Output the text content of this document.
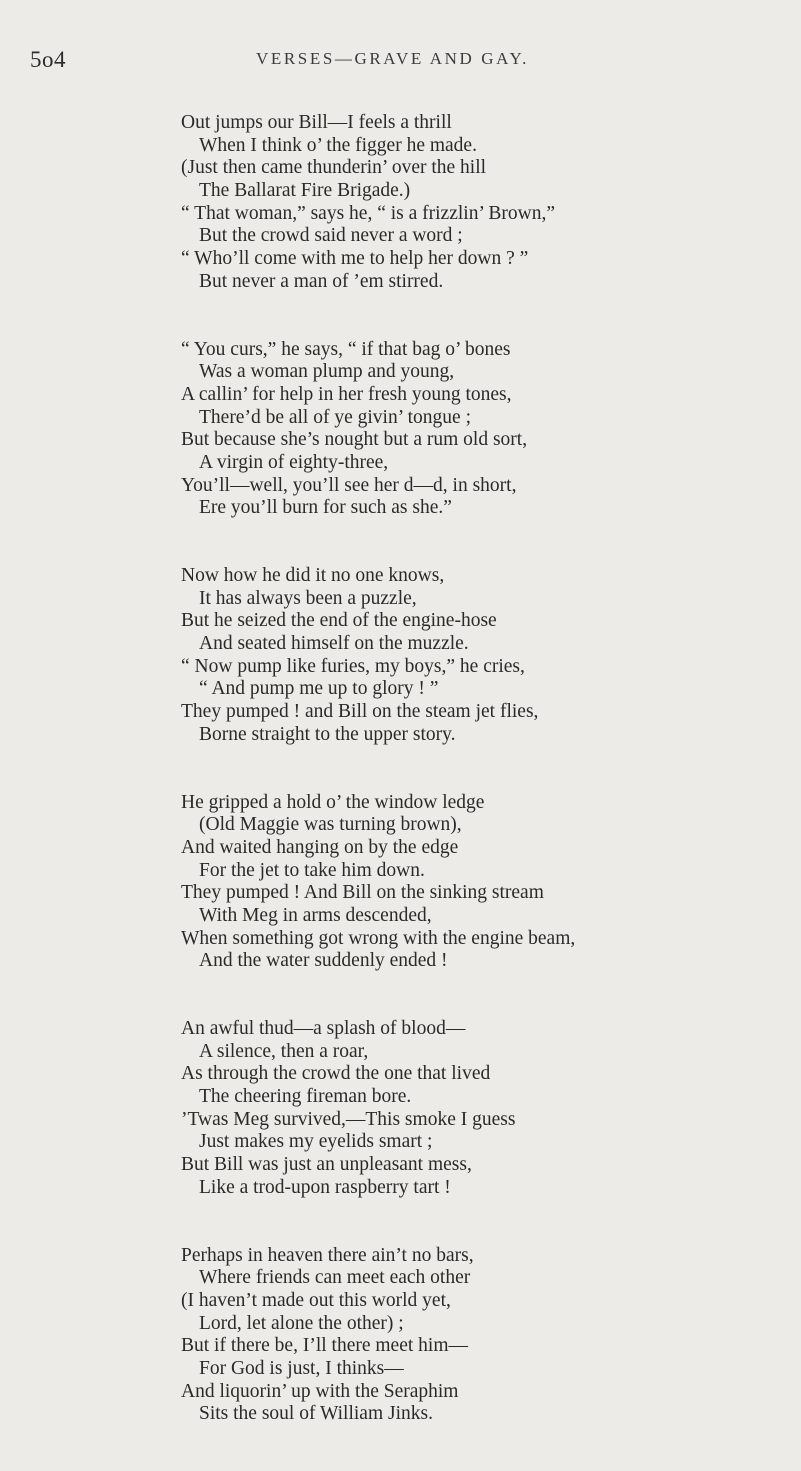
5o4	VERSES—GRAVE AND GAY.
Out jumps our Bill—I feels a thrill
When I think o’ the figger he made.
(Just then came thunderin’ over the hill
The Ballarat Fire Brigade.)
“ That woman,” says he, “ is a frizzlin’ Brown,”
But the crowd said never a word ;
“ Who’ll come with me to help her down ? ”
But never a man of ’em stirred.
“ You curs,” he says, “ if that bag o’ bones
Was a woman plump and young,
A callin’ for help in her fresh young tones,
There’d be all of ye givin’ tongue ;
But because she’s nought but a rum old sort,
A virgin of eighty-three,
You’ll—well, you’ll see her d—d, in short,
Ere you’ll burn for such as she.”
Now how he did it no one knows,
It has always been a puzzle,
But he seized the end of the engine-hose
And seated himself on the muzzle.
“ Now pump like furies, my boys,” he cries,
“ And pump me up to glory ! ”
They pumped ! and Bill on the steam jet flies,
Borne straight to the upper story.
He gripped a hold o’ the window ledge
(Old Maggie was turning brown),
And waited hanging on by the edge
For the jet to take him down.
They pumped ! And Bill on the sinking stream
With Meg in arms descended,
When something got wrong with the engine beam,
And the water suddenly ended !
An awful thud—a splash of blood—
A silence, then a roar,
As through the crowd the one that lived
The cheering fireman bore.
’Twas Meg survived,—This smoke I guess
Just makes my eyelids smart ;
But Bill was just an unpleasant mess,
Like a trod-upon raspberry tart !
Perhaps in heaven there ain’t no bars,
Where friends can meet each other
(I haven’t made out this world yet,
Lord, let alone the other) ;
But if there be, I’ll there meet him—
For God is just, I thinks—
And liquorin’ up with the Seraphim
Sits the soul of William Jinks.
